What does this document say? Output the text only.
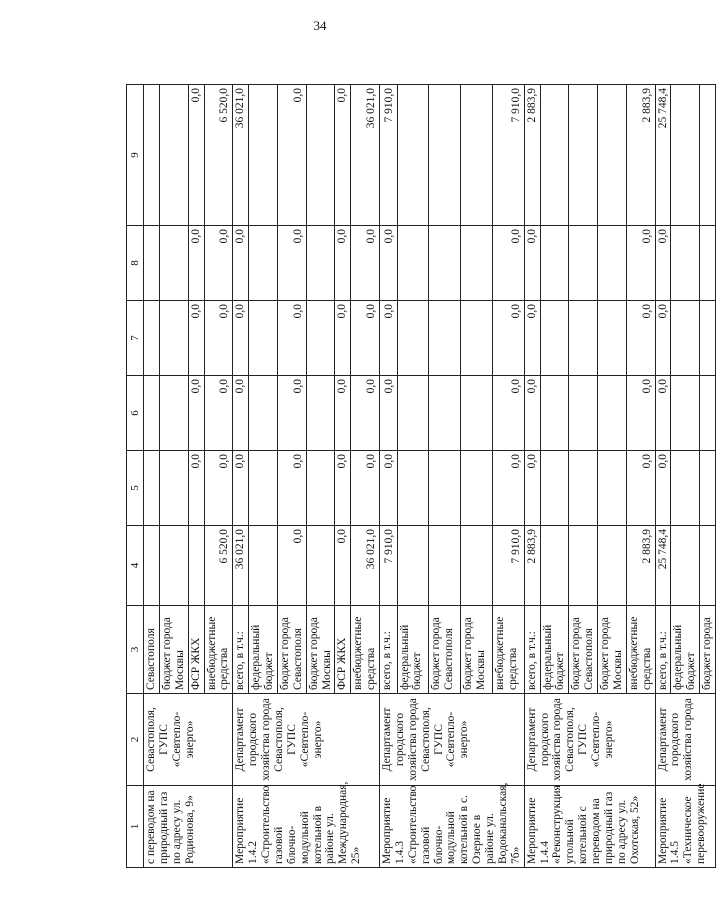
34
1	2	3	4	5	6	7	8	9
с переводом на природный газ по адресу ул. Родионова, 9»	Севастополя, ГУПС «Севтепло-энерго»	Севастополя						
		бюджет города Москвы						
		ФСР ЖКХ		0,0	0,0	0,0	0,0	0,0
		внебюджетные средства	6 520,0	0,0	0,0	0,0	0,0	6 520,0
Мероприятие 1.4.2 «Строительство газовой блочно-модульной котельной в районе ул. Международная, 25»	Департамент городского хозяйства города Севастополя, ГУПС «Севтепло-энерго»	всего, в т.ч.:	36 021,0	0,0	0,0	0,0	0,0	36 021,0
		федеральный бюджет						
		бюджет города Севастополя	0,0	0,0	0,0	0,0	0,0	0,0
		бюджет города Москвы						
		ФСР ЖКХ	0,0	0,0	0,0	0,0	0,0	0,0
		внебюджетные средства	36 021,0	0,0	0,0	0,0	0,0	36 021,0
Мероприятие 1.4.3 «Строительство газовой блочно-модульной котельной в с. Озерное в районе ул. Водоканальская, 7б»	Департамент городского хозяйства города Севастополя, ГУПС «Севтепло-энерго»	всего, в т.ч.:	7 910,0	0,0	0,0	0,0	0,0	7 910,0
		федеральный бюджет						
		бюджет города Севастополя						
		бюджет города Москвы						
		внебюджетные средства	7 910,0	0,0	0,0	0,0	0,0	7 910,0
Мероприятие 1.4.4 «Реконструкция угольной котельной с переводом на природный газ по адресу ул. Охотская, 52»	Департамент городского хозяйства города Севастополя, ГУПС «Севтепло-энерго»	всего, в т.ч.:	2 883,9	0,0	0,0	0,0	0,0	2 883,9
		федеральный бюджет						
		бюджет города Севастополя						
		бюджет города Москвы						
		внебюджетные средства	2 883,9	0,0	0,0	0,0	0,0	2 883,9
Мероприятие 1.4.5 «Техническое перевооружение	Департамент городского хозяйства города	всего, в т.ч.:	25 748,4	0,0	0,0	0,0	0,0	25 748,4
		федеральный бюджет						
		бюджет города						
